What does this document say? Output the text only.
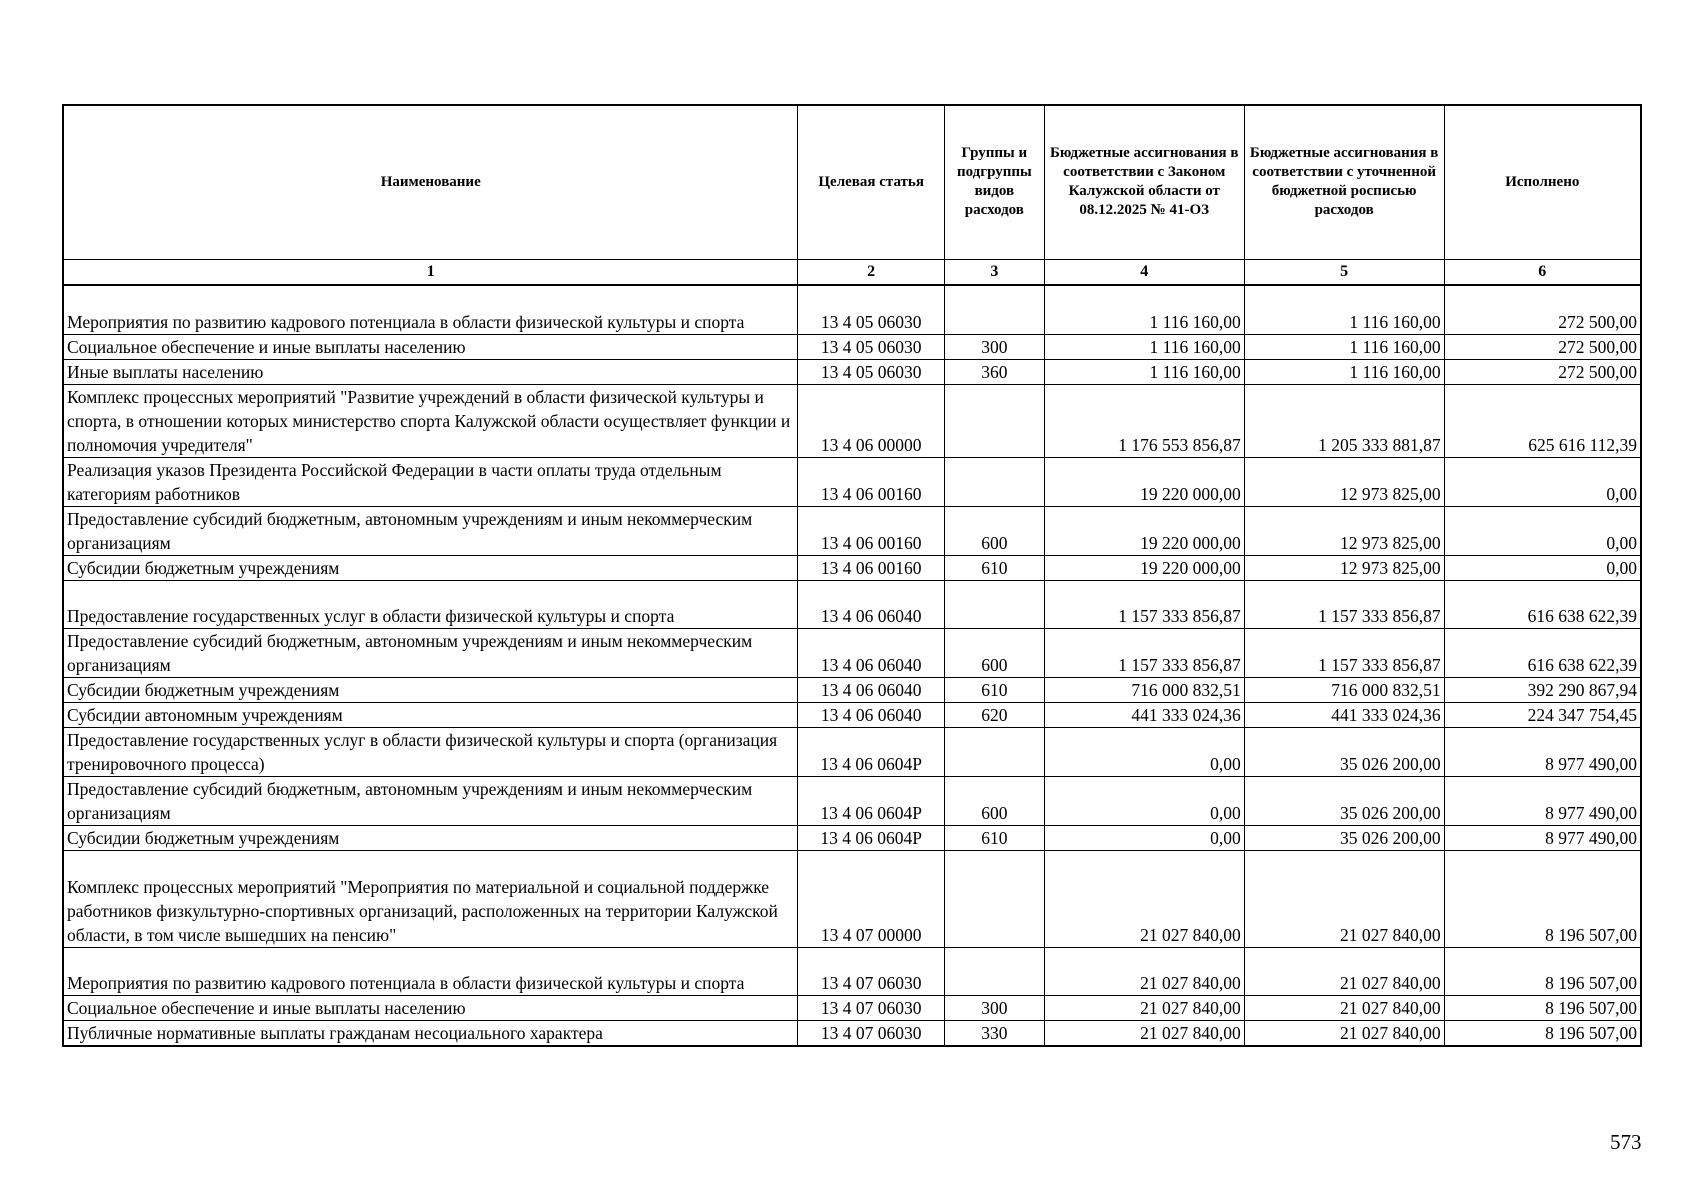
Наименование	Целевая статья	Группы и подгруппы видов расходов	Бюджетные ассигнования в соответствии с Законом Калужской области от 08.12.2025 № 41-ОЗ	Бюджетные ассигнования в соответствии с уточненной бюджетной росписью расходов	Исполнено
1	2	3	4	5	6
Мероприятия по развитию кадрового потенциала в области физической культуры и спорта	13 4 05 06030		1 116 160,00	1 116 160,00	272 500,00
Социальное обеспечение и иные выплаты населению	13 4 05 06030	300	1 116 160,00	1 116 160,00	272 500,00
Иные выплаты населению	13 4 05 06030	360	1 116 160,00	1 116 160,00	272 500,00
Комплекс процессных мероприятий "Развитие учреждений в области физической культуры и спорта, в отношении которых министерство спорта Калужской области осуществляет функции и полномочия учредителя"	13 4 06 00000		1 176 553 856,87	1 205 333 881,87	625 616 112,39
Реализация указов Президента Российской Федерации в части оплаты труда отдельным категориям работников	13 4 06 00160		19 220 000,00	12 973 825,00	0,00
Предоставление субсидий бюджетным, автономным учреждениям и иным некоммерческим организациям	13 4 06 00160	600	19 220 000,00	12 973 825,00	0,00
Субсидии бюджетным учреждениям	13 4 06 00160	610	19 220 000,00	12 973 825,00	0,00
Предоставление государственных услуг в области физической культуры и спорта	13 4 06 06040		1 157 333 856,87	1 157 333 856,87	616 638 622,39
Предоставление субсидий бюджетным, автономным учреждениям и иным некоммерческим организациям	13 4 06 06040	600	1 157 333 856,87	1 157 333 856,87	616 638 622,39
Субсидии бюджетным учреждениям	13 4 06 06040	610	716 000 832,51	716 000 832,51	392 290 867,94
Субсидии автономным учреждениям	13 4 06 06040	620	441 333 024,36	441 333 024,36	224 347 754,45
Предоставление государственных услуг в области физической культуры и спорта (организация тренировочного процесса)	13 4 06 0604Р		0,00	35 026 200,00	8 977 490,00
Предоставление субсидий бюджетным, автономным учреждениям и иным некоммерческим организациям	13 4 06 0604Р	600	0,00	35 026 200,00	8 977 490,00
Субсидии бюджетным учреждениям	13 4 06 0604Р	610	0,00	35 026 200,00	8 977 490,00
Комплекс процессных мероприятий "Мероприятия по материальной и социальной поддержке работников физкультурно-спортивных организаций, расположенных на территории Калужской области, в том числе вышедших на пенсию"	13 4 07 00000		21 027 840,00	21 027 840,00	8 196 507,00
Мероприятия по развитию кадрового потенциала в области физической культуры и спорта	13 4 07 06030		21 027 840,00	21 027 840,00	8 196 507,00
Социальное обеспечение и иные выплаты населению	13 4 07 06030	300	21 027 840,00	21 027 840,00	8 196 507,00
Публичные нормативные выплаты гражданам несоциального характера	13 4 07 06030	330	21 027 840,00	21 027 840,00	8 196 507,00
573
